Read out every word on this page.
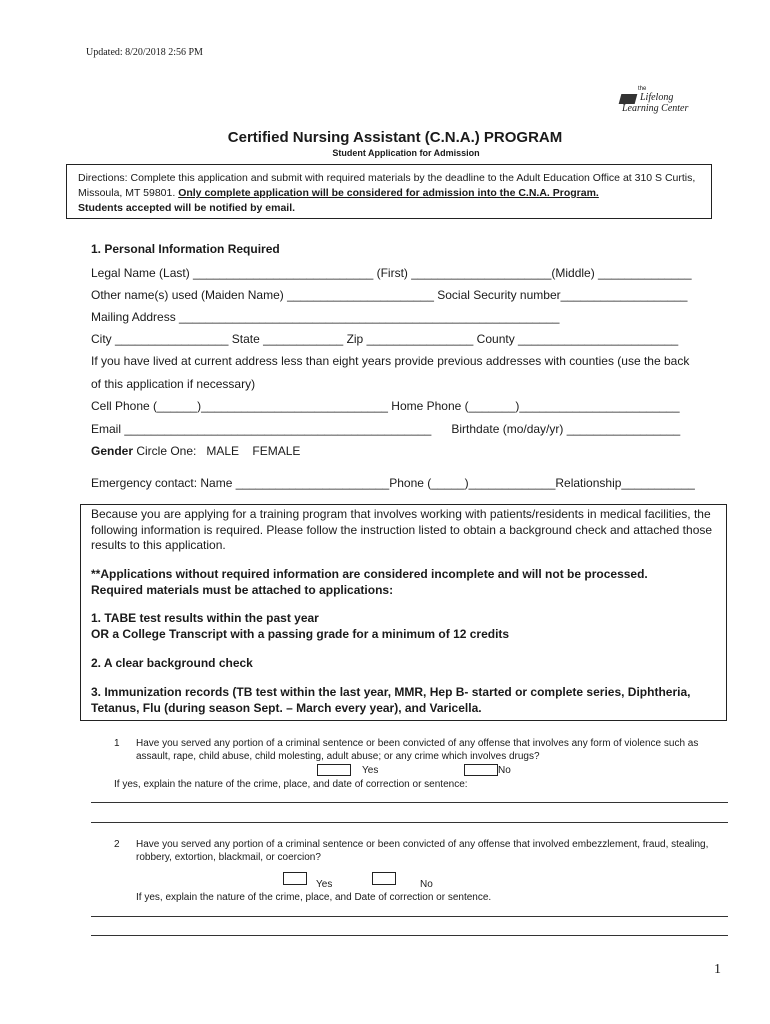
Updated: 8/20/2018 2:56 PM
the
Lifelong
Learning Center
Certified Nursing Assistant (C.N.A.) PROGRAM
Student Application for Admission
Directions: Complete this application and submit with required materials by the deadline to the Adult Education Office at 310 S Curtis, Missoula, MT 59801. Only complete application will be considered for admission into the C.N.A. Program.
Students accepted will be notified by email.
1. Personal Information Required
Legal Name (Last) ___________________________ (First) _____________________(Middle) ______________
Other name(s) used (Maiden Name) ______________________ Social Security number___________________
Mailing Address _________________________________________________________
City _________________ State ____________ Zip ________________ County ________________________
If you have lived at current address less than eight years provide previous addresses with counties (use the back
of this application if necessary)
Cell Phone (______)____________________________ Home Phone (_______)________________________
Email ______________________________________________      Birthdate (mo/day/yr) _________________
Gender Circle One:   MALE    FEMALE
Emergency contact: Name _______________________Phone (_____)_____________Relationship___________
Because you are applying for a training program that involves working with patients/residents in medical facilities, the following information is required. Please follow the instruction listed to obtain a background check and attached those results to this application.
**Applications without required information are considered incomplete and will not be processed.
Required materials must be attached to applications:
1. TABE test results within the past year
OR a College Transcript with a passing grade for a minimum of 12 credits
2. A clear background check
3. Immunization records (TB test within the last year, MMR, Hep B- started or complete series, Diphtheria, Tetanus, Flu (during season Sept. – March every year), and Varicella.
1 Have you served any portion of a criminal sentence or been convicted of any offense that involves any form of violence such as assault, rape, child abuse, child molesting, adult abuse; or any crime which involves drugs?
Yes	No
If yes, explain the nature of the crime, place, and date of correction or sentence:
2 Have you served any portion of a criminal sentence or been convicted of any offense that involved embezzlement, fraud, stealing, robbery, extortion, blackmail, or coercion?
Yes	No
If yes, explain the nature of the crime, place, and Date of correction or sentence.
1
